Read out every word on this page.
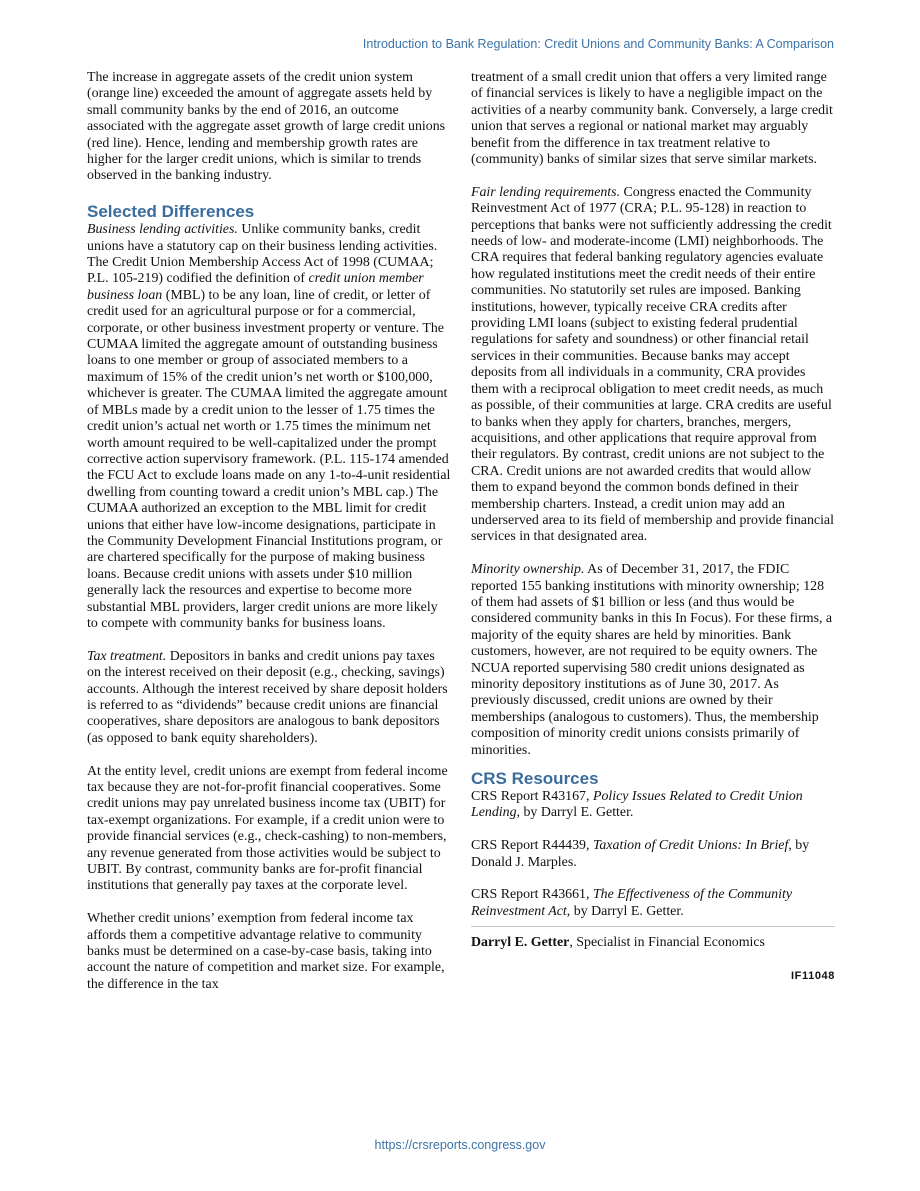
Introduction to Bank Regulation: Credit Unions and Community Banks: A Comparison

The increase in aggregate assets of the credit union system (orange line) exceeded the amount of aggregate assets held by small community banks by the end of 2016, an outcome associated with the aggregate asset growth of large credit unions (red line). Hence, lending and membership growth rates are higher for the larger credit unions, which is similar to trends observed in the banking industry.

Selected Differences

Business lending activities. Unlike community banks, credit unions have a statutory cap on their business lending activities. The Credit Union Membership Access Act of 1998 (CUMAA; P.L. 105-219) codified the definition of credit union member business loan (MBL) to be any loan, line of credit, or letter of credit used for an agricultural purpose or for a commercial, corporate, or other business investment property or venture. The CUMAA limited the aggregate amount of outstanding business loans to one member or group of associated members to a maximum of 15% of the credit union’s net worth or $100,000, whichever is greater. The CUMAA limited the aggregate amount of MBLs made by a credit union to the lesser of 1.75 times the credit union’s actual net worth or 1.75 times the minimum net worth amount required to be well-capitalized under the prompt corrective action supervisory framework. (P.L. 115-174 amended the FCU Act to exclude loans made on any 1-to-4-unit residential dwelling from counting toward a credit union’s MBL cap.) The CUMAA authorized an exception to the MBL limit for credit unions that either have low-income designations, participate in the Community Development Financial Institutions program, or are chartered specifically for the purpose of making business loans. Because credit unions with assets under $10 million generally lack the resources and expertise to become more substantial MBL providers, larger credit unions are more likely to compete with community banks for business loans.

Tax treatment. Depositors in banks and credit unions pay taxes on the interest received on their deposit (e.g., checking, savings) accounts. Although the interest received by share deposit holders is referred to as “dividends” because credit unions are financial cooperatives, share depositors are analogous to bank depositors (as opposed to bank equity shareholders).

At the entity level, credit unions are exempt from federal income tax because they are not-for-profit financial cooperatives. Some credit unions may pay unrelated business income tax (UBIT) for tax-exempt organizations. For example, if a credit union were to provide financial services (e.g., check-cashing) to non-members, any revenue generated from those activities would be subject to UBIT. By contrast, community banks are for-profit financial institutions that generally pay taxes at the corporate level.

Whether credit unions’ exemption from federal income tax affords them a competitive advantage relative to community banks must be determined on a case-by-case basis, taking into account the nature of competition and market size. For example, the difference in the tax

treatment of a small credit union that offers a very limited range of financial services is likely to have a negligible impact on the activities of a nearby community bank. Conversely, a large credit union that serves a regional or national market may arguably benefit from the difference in tax treatment relative to (community) banks of similar sizes that serve similar markets.

Fair lending requirements. Congress enacted the Community Reinvestment Act of 1977 (CRA; P.L. 95-128) in reaction to perceptions that banks were not sufficiently addressing the credit needs of low- and moderate-income (LMI) neighborhoods. The CRA requires that federal banking regulatory agencies evaluate how regulated institutions meet the credit needs of their entire communities. No statutorily set rules are imposed. Banking institutions, however, typically receive CRA credits after providing LMI loans (subject to existing federal prudential regulations for safety and soundness) or other financial retail services in their communities. Because banks may accept deposits from all individuals in a community, CRA provides them with a reciprocal obligation to meet credit needs, as much as possible, of their communities at large. CRA credits are useful to banks when they apply for charters, branches, mergers, acquisitions, and other applications that require approval from their regulators. By contrast, credit unions are not subject to the CRA. Credit unions are not awarded credits that would allow them to expand beyond the common bonds defined in their membership charters. Instead, a credit union may add an underserved area to its field of membership and provide financial services in that designated area.

Minority ownership. As of December 31, 2017, the FDIC reported 155 banking institutions with minority ownership; 128 of them had assets of $1 billion or less (and thus would be considered community banks in this In Focus). For these firms, a majority of the equity shares are held by minorities. Bank customers, however, are not required to be equity owners. The NCUA reported supervising 580 credit unions designated as minority depository institutions as of June 30, 2017. As previously discussed, credit unions are owned by their memberships (analogous to customers). Thus, the membership composition of minority credit unions consists primarily of minorities.

CRS Resources

CRS Report R43167, Policy Issues Related to Credit Union Lending, by Darryl E. Getter.

CRS Report R44439, Taxation of Credit Unions: In Brief, by Donald J. Marples.

CRS Report R43661, The Effectiveness of the Community Reinvestment Act, by Darryl E. Getter.

Darryl E. Getter, Specialist in Financial Economics

IF11048
https://crsreports.congress.gov
